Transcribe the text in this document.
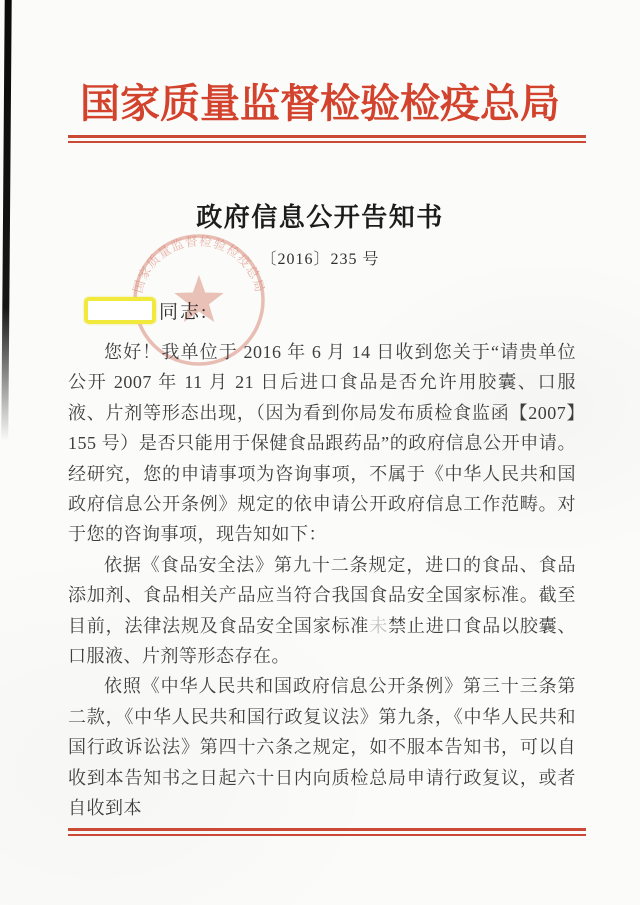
国家质量监督检验检疫总局
政府信息公开告知书
〔2016〕235 号
国家质量监督检验检疫总局
同志:

您好！我单位于 2016 年 6 月 14 日收到您关于“请贵单位公开 2007 年 11 月 21 日后进口食品是否允许用胶囊、口服液、片剂等形态出现，（因为看到你局发布质检食监函【2007】155 号）是否只能用于保健食品跟药品”的政府信息公开申请。经研究，您的申请事项为咨询事项，不属于《中华人民共和国政府信息公开条例》规定的依申请公开政府信息工作范畴。对于您的咨询事项，现告知如下：

依据《食品安全法》第九十二条规定，进口的食品、食品添加剂、食品相关产品应当符合我国食品安全国家标准。截至目前，法律法规及食品安全国家标准未禁止进口食品以胶囊、口服液、片剂等形态存在。

依照《中华人民共和国政府信息公开条例》第三十三条第二款，《中华人民共和国行政复议法》第九条，《中华人民共和国行政诉讼法》第四十六条之规定，如不服本告知书，可以自收到本告知书之日起六十日内向质检总局申请行政复议，或者自收到本
